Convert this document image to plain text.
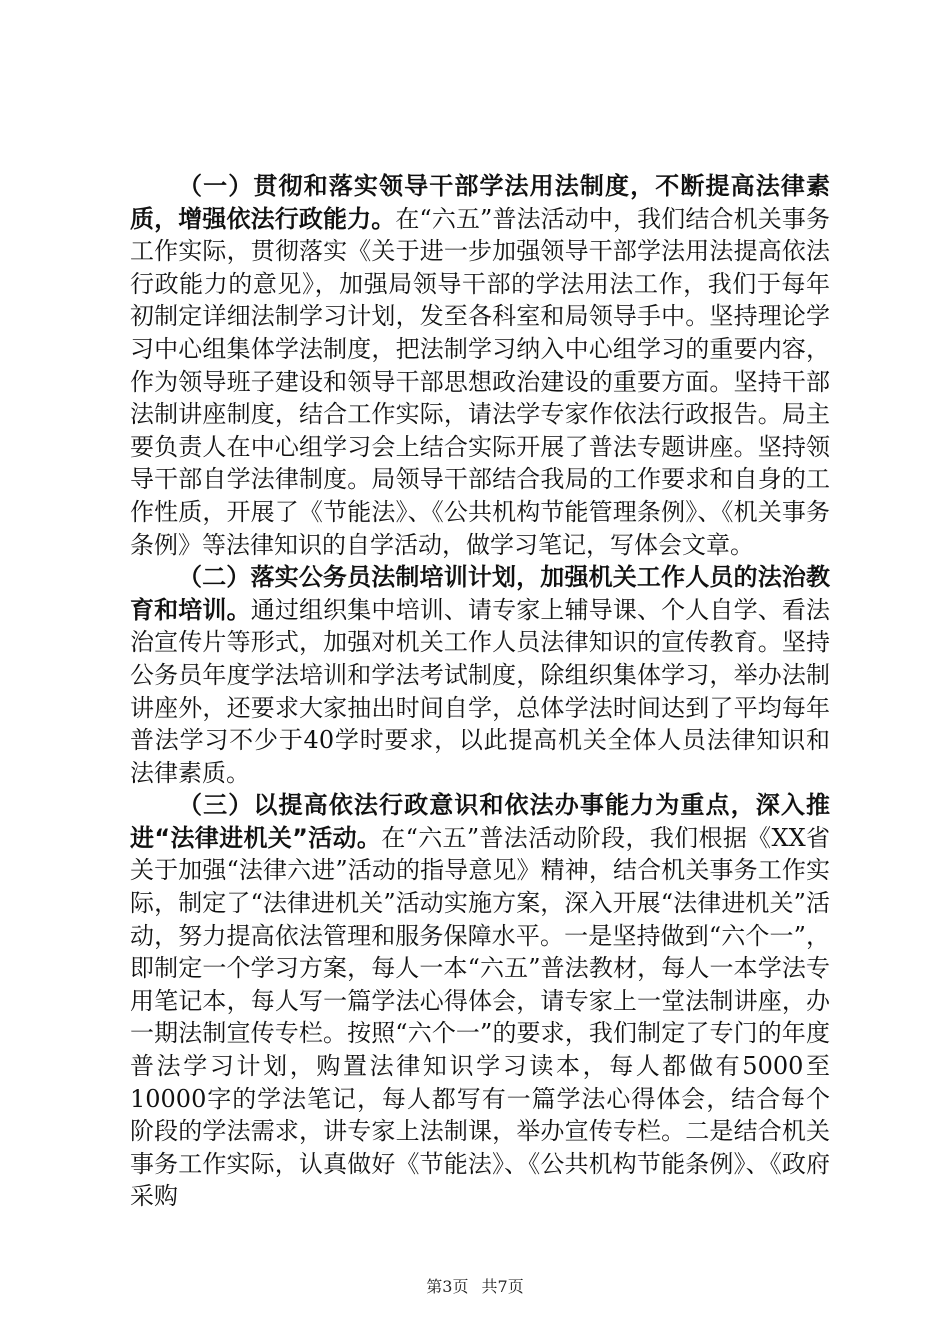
（一）贯彻和落实领导干部学法用法制度，不断提高法律素质，增强依法行政能力。在“六五”普法活动中，我们结合机关事务工作实际，贯彻落实《关于进一步加强领导干部学法用法提高依法行政能力的意见》，加强局领导干部的学法用法工作，我们于每年初制定详细法制学习计划，发至各科室和局领导手中。坚持理论学习中心组集体学法制度，把法制学习纳入中心组学习的重要内容，作为领导班子建设和领导干部思想政治建设的重要方面。坚持干部法制讲座制度，结合工作实际，请法学专家作依法行政报告。局主要负责人在中心组学习会上结合实际开展了普法专题讲座。坚持领导干部自学法律制度。局领导干部结合我局的工作要求和自身的工作性质，开展了《节能法》、《公共机构节能管理条例》、《机关事务条例》等法律知识的自学活动，做学习笔记，写体会文章。

（二）落实公务员法制培训计划，加强机关工作人员的法治教育和培训。通过组织集中培训、请专家上辅导课、个人自学、看法治宣传片等形式，加强对机关工作人员法律知识的宣传教育。坚持公务员年度学法培训和学法考试制度，除组织集体学习，举办法制讲座外，还要求大家抽出时间自学，总体学法时间达到了平均每年普法学习不少于40学时要求，以此提高机关全体人员法律知识和法律素质。

（三）以提高依法行政意识和依法办事能力为重点，深入推进“法律进机关”活动。在“六五”普法活动阶段，我们根据《XX省关于加强“法律六进”活动的指导意见》精神，结合机关事务工作实际，制定了“法律进机关”活动实施方案，深入开展“法律进机关”活动，努力提高依法管理和服务保障水平。一是坚持做到“六个一”，即制定一个学习方案，每人一本“六五”普法教材，每人一本学法专用笔记本，每人写一篇学法心得体会，请专家上一堂法制讲座，办一期法制宣传专栏。按照“六个一”的要求，我们制定了专门的年度普法学习计划，购置法律知识学习读本，每人都做有5000至10000字的学法笔记，每人都写有一篇学法心得体会，结合每个阶段的学法需求，讲专家上法制课，举办宣传专栏。二是结合机关事务工作实际，认真做好《节能法》、《公共机构节能条例》、《政府采购

第3页 共7页
